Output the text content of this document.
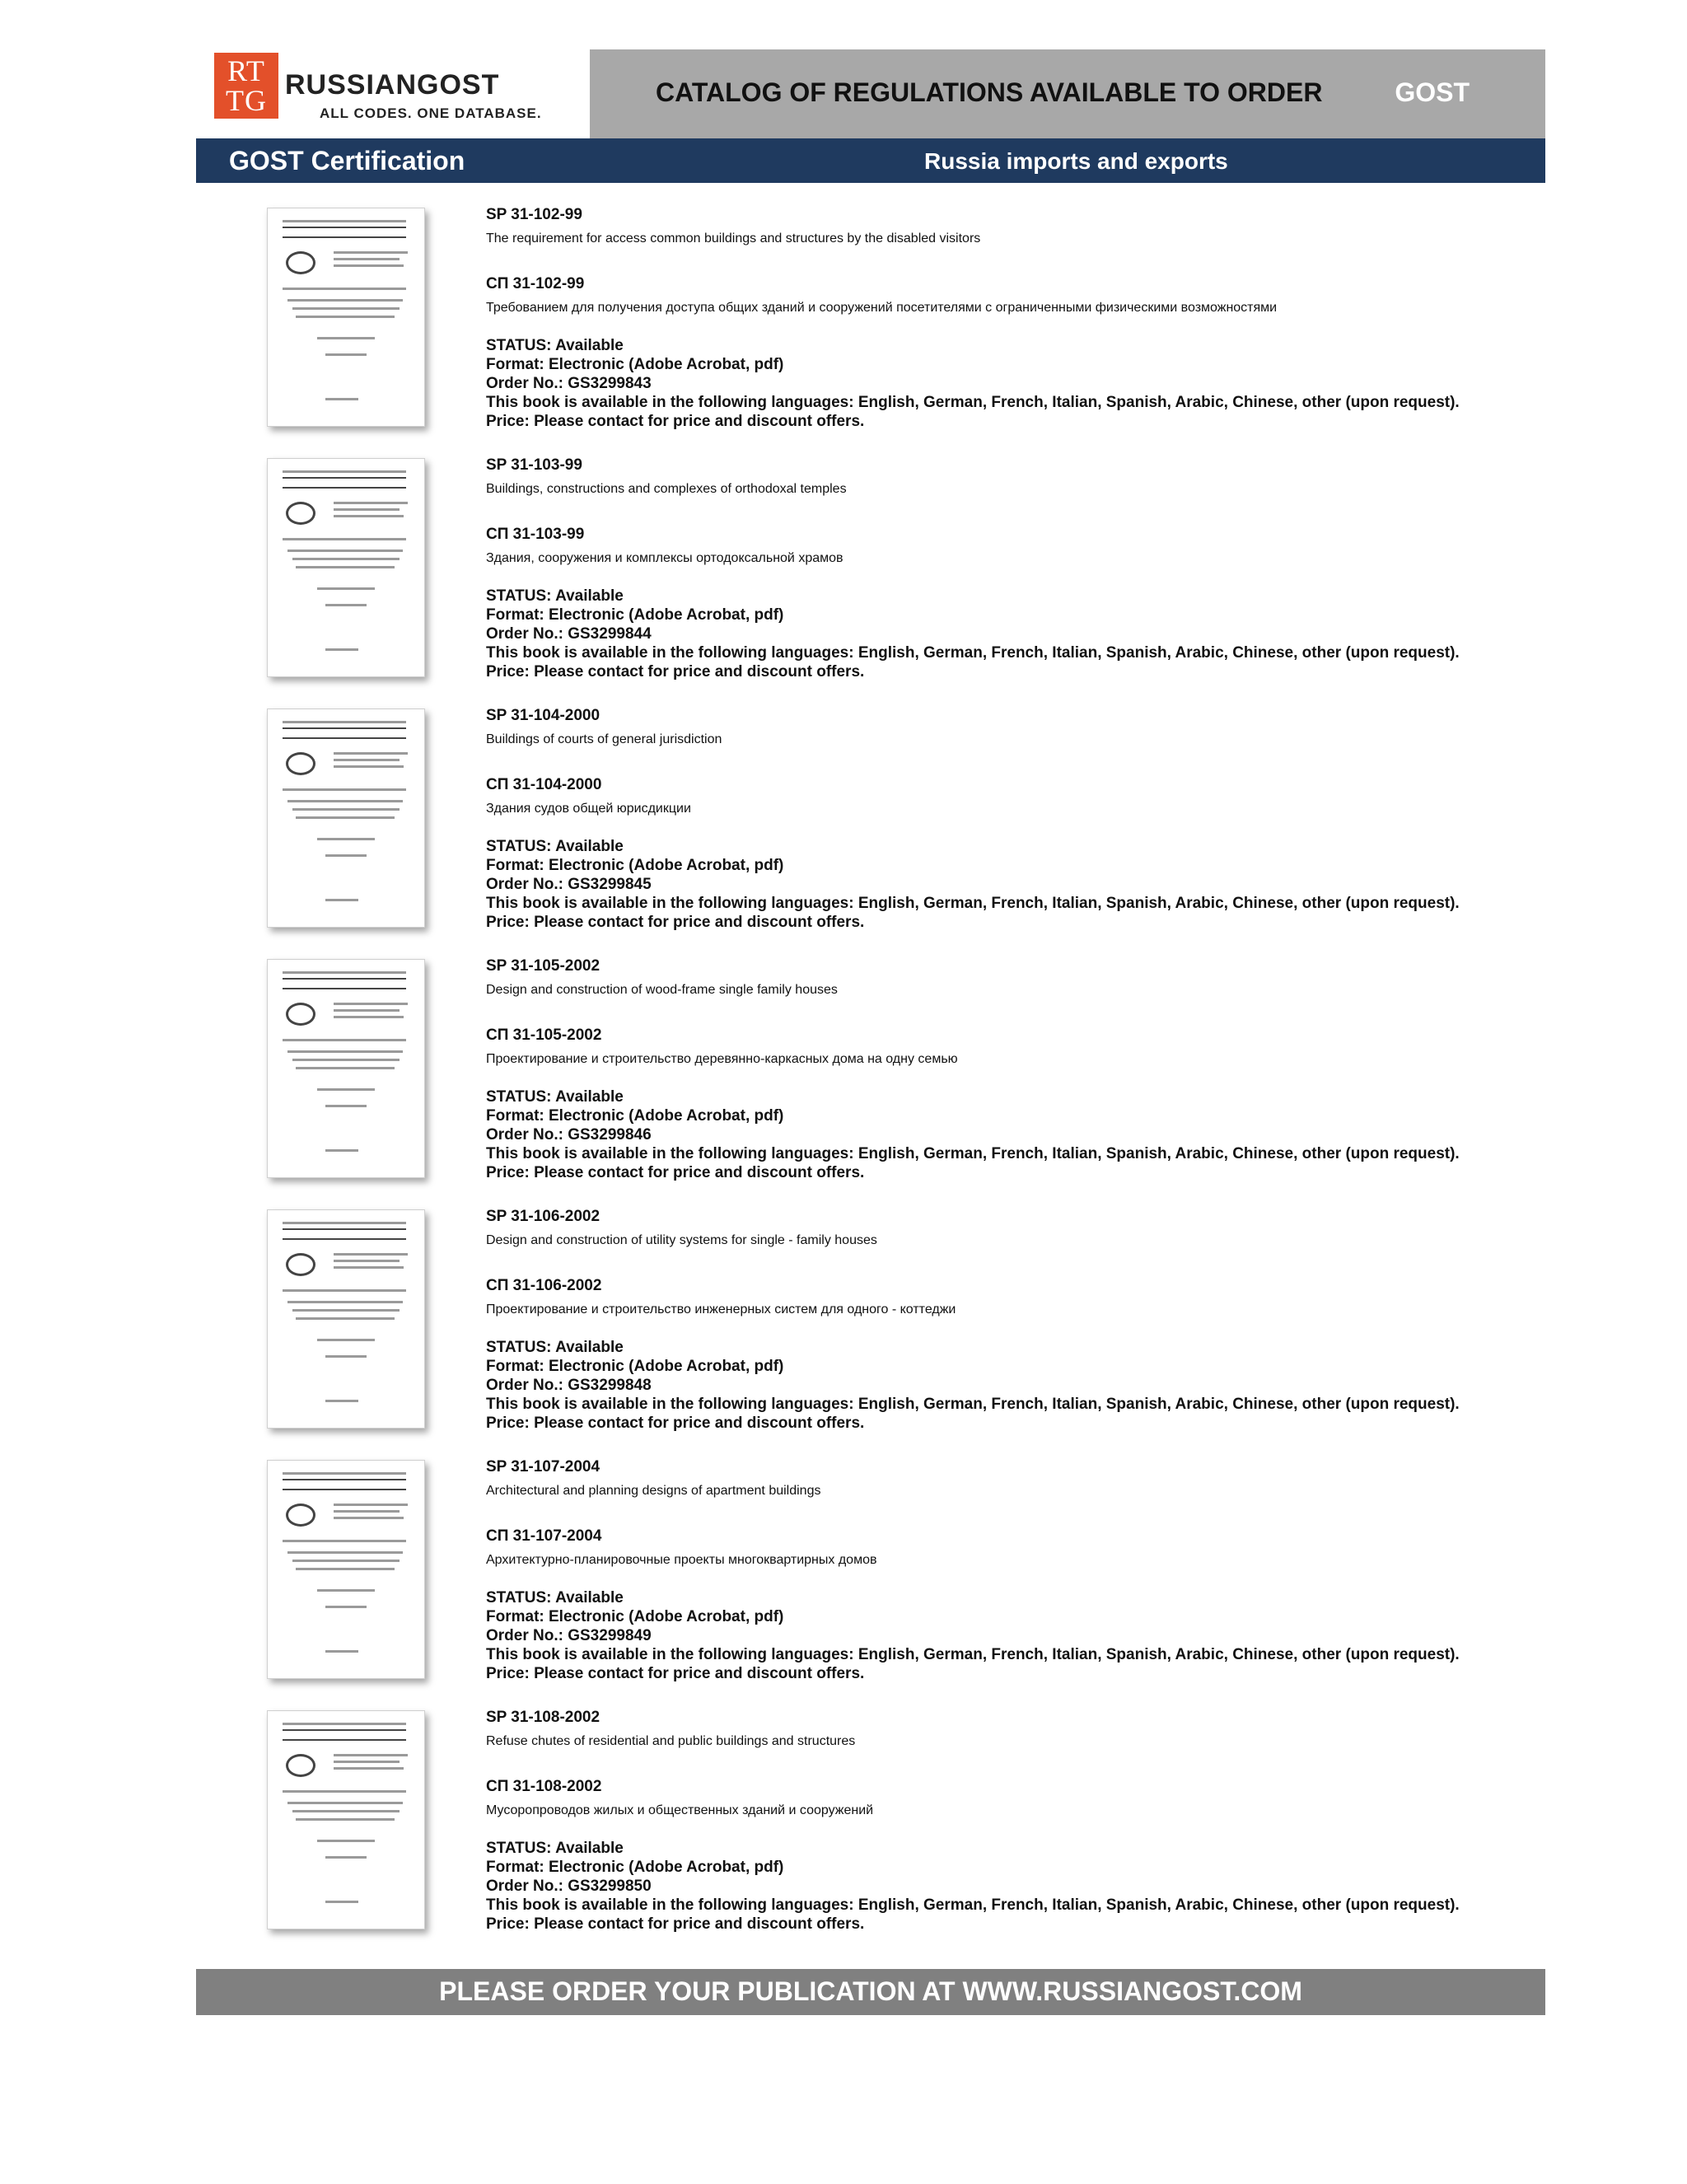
RT
TG RUSSIANGOST
ALL CODES. ONE DATABASE.
CATALOG OF REGULATIONS AVAILABLE TO ORDER	GOST
GOST Certification	Russia imports and exports
SP 31-102-99
The requirement for access common buildings and structures by the disabled visitors
СП 31-102-99
Требованием для получения доступа общих зданий и сооружений посетителями с ограниченными физическими возможностями
STATUS: Available
Format: Electronic (Adobe Acrobat, pdf)
Order No.: GS3299843
This book is available in the following languages: English, German, French, Italian, Spanish, Arabic, Chinese, other (upon request).
Price: Please contact for price and discount offers.
SP 31-103-99
Buildings, constructions and complexes of orthodoxal temples
СП 31-103-99
Здания, сооружения и комплексы ортодоксальной храмов
STATUS: Available
Format: Electronic (Adobe Acrobat, pdf)
Order No.: GS3299844
This book is available in the following languages: English, German, French, Italian, Spanish, Arabic, Chinese, other (upon request).
Price: Please contact for price and discount offers.
SP 31-104-2000
Buildings of courts of general jurisdiction
СП 31-104-2000
Здания судов общей юрисдикции
STATUS: Available
Format: Electronic (Adobe Acrobat, pdf)
Order No.: GS3299845
This book is available in the following languages: English, German, French, Italian, Spanish, Arabic, Chinese, other (upon request).
Price: Please contact for price and discount offers.
SP 31-105-2002
Design and construction of wood-frame single family houses
СП 31-105-2002
Проектирование и строительство деревянно-каркасных дома на одну семью
STATUS: Available
Format: Electronic (Adobe Acrobat, pdf)
Order No.: GS3299846
This book is available in the following languages: English, German, French, Italian, Spanish, Arabic, Chinese, other (upon request).
Price: Please contact for price and discount offers.
SP 31-106-2002
Design and construction of utility systems for single - family houses
СП 31-106-2002
Проектирование и строительство инженерных систем для одного - коттеджи
STATUS: Available
Format: Electronic (Adobe Acrobat, pdf)
Order No.: GS3299848
This book is available in the following languages: English, German, French, Italian, Spanish, Arabic, Chinese, other (upon request).
Price: Please contact for price and discount offers.
SP 31-107-2004
Architectural and planning designs of apartment buildings
СП 31-107-2004
Архитектурно-планировочные проекты многоквартирных домов
STATUS: Available
Format: Electronic (Adobe Acrobat, pdf)
Order No.: GS3299849
This book is available in the following languages: English, German, French, Italian, Spanish, Arabic, Chinese, other (upon request).
Price: Please contact for price and discount offers.
SP 31-108-2002
Refuse chutes of residential and public buildings and structures
СП 31-108-2002
Мусоропроводов жилых и общественных зданий и сооружений
STATUS: Available
Format: Electronic (Adobe Acrobat, pdf)
Order No.: GS3299850
This book is available in the following languages: English, German, French, Italian, Spanish, Arabic, Chinese, other (upon request).
Price: Please contact for price and discount offers.
PLEASE ORDER YOUR PUBLICATION AT WWW.RUSSIANGOST.COM
